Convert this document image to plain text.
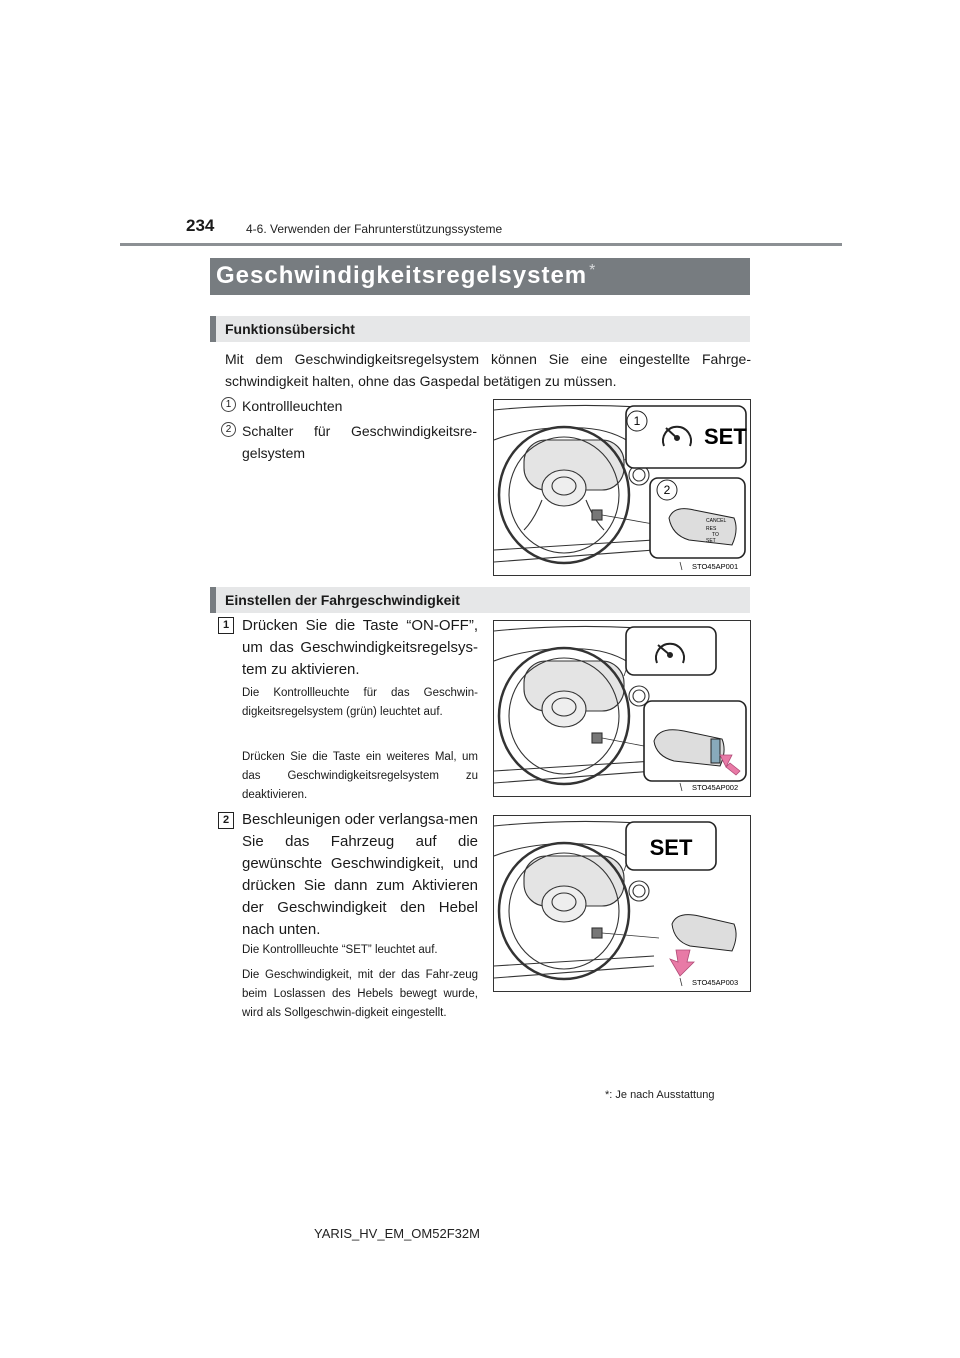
234	4-6. Verwenden der Fahrunterstützungssysteme
Geschwindigkeitsregelsystem *
Funktionsübersicht
Mit dem Geschwindigkeitsregelsystem können Sie eine eingestellte Fahrge-schwindigkeit halten, ohne das Gaspedal betätigen zu müssen.
1 Kontrollleuchten
2 Schalter für Geschwindigkeitsre-gelsystem
1
SET
2
CANCEL
RES
TO
SET
STO45AP001
Einstellen der Fahrgeschwindigkeit
1 Drücken Sie die Taste “ON-OFF”, um das Geschwindigkeitsregelsys-tem zu aktivieren.
Die Kontrollleuchte für das Geschwin-digkeitsregelsystem (grün) leuchtet auf.
Drücken Sie die Taste ein weiteres Mal, um das Geschwindigkeitsregelsystem zu deaktivieren.
STO45AP002
2 Beschleunigen oder verlangsa-men Sie das Fahrzeug auf die gewünschte Geschwindigkeit, und drücken Sie dann zum Aktivieren der Geschwindigkeit den Hebel nach unten.
Die Kontrollleuchte “SET” leuchtet auf.
Die Geschwindigkeit, mit der das Fahr-zeug beim Loslassen des Hebels bewegt wurde, wird als Sollgeschwin-digkeit eingestellt.
SET
STO45AP003
*: Je nach Ausstattung
YARIS_HV_EM_OM52F32M
